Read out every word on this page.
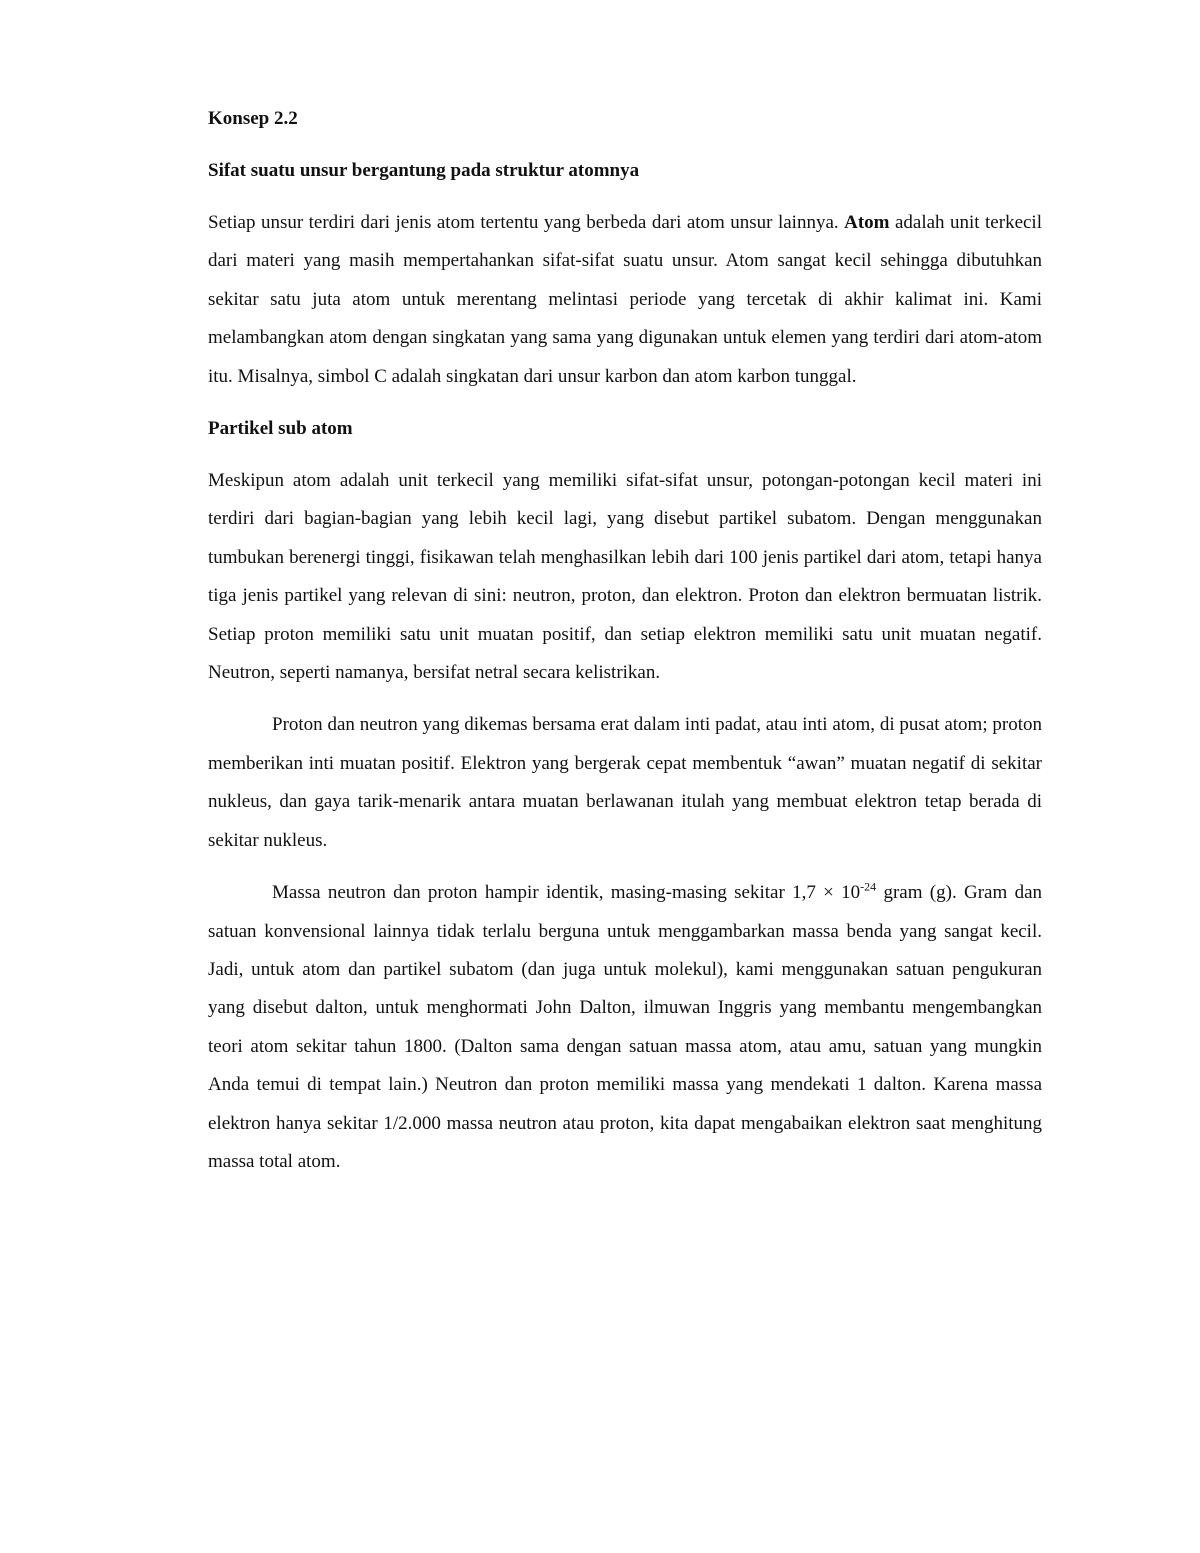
Konsep 2.2

Sifat suatu unsur bergantung pada struktur atomnya

Setiap unsur terdiri dari jenis atom tertentu yang berbeda dari atom unsur lainnya. Atom adalah unit terkecil dari materi yang masih mempertahankan sifat-sifat suatu unsur. Atom sangat kecil sehingga dibutuhkan sekitar satu juta atom untuk merentang melintasi periode yang tercetak di akhir kalimat ini. Kami melambangkan atom dengan singkatan yang sama yang digunakan untuk elemen yang terdiri dari atom-atom itu. Misalnya, simbol C adalah singkatan dari unsur karbon dan atom karbon tunggal.

Partikel sub atom

Meskipun atom adalah unit terkecil yang memiliki sifat-sifat unsur, potongan-potongan kecil materi ini terdiri dari bagian-bagian yang lebih kecil lagi, yang disebut partikel subatom. Dengan menggunakan tumbukan berenergi tinggi, fisikawan telah menghasilkan lebih dari 100 jenis partikel dari atom, tetapi hanya tiga jenis partikel yang relevan di sini: neutron, proton, dan elektron. Proton dan elektron bermuatan listrik. Setiap proton memiliki satu unit muatan positif, dan setiap elektron memiliki satu unit muatan negatif. Neutron, seperti namanya, bersifat netral secara kelistrikan.

Proton dan neutron yang dikemas bersama erat dalam inti padat, atau inti atom, di pusat atom; proton memberikan inti muatan positif. Elektron yang bergerak cepat membentuk “awan” muatan negatif di sekitar nukleus, dan gaya tarik-menarik antara muatan berlawanan itulah yang membuat elektron tetap berada di sekitar nukleus.

Massa neutron dan proton hampir identik, masing-masing sekitar $1,7 \times 10^{-24}$ gram (g). Gram dan satuan konvensional lainnya tidak terlalu berguna untuk menggambarkan massa benda yang sangat kecil. Jadi, untuk atom dan partikel subatom (dan juga untuk molekul), kami menggunakan satuan pengukuran yang disebut dalton, untuk menghormati John Dalton, ilmuwan Inggris yang membantu mengembangkan teori atom sekitar tahun 1800. (Dalton sama dengan satuan massa atom, atau amu, satuan yang mungkin Anda temui di tempat lain.) Neutron dan proton memiliki massa yang mendekati 1 dalton. Karena massa elektron hanya sekitar 1/2.000 massa neutron atau proton, kita dapat mengabaikan elektron saat menghitung massa total atom.
